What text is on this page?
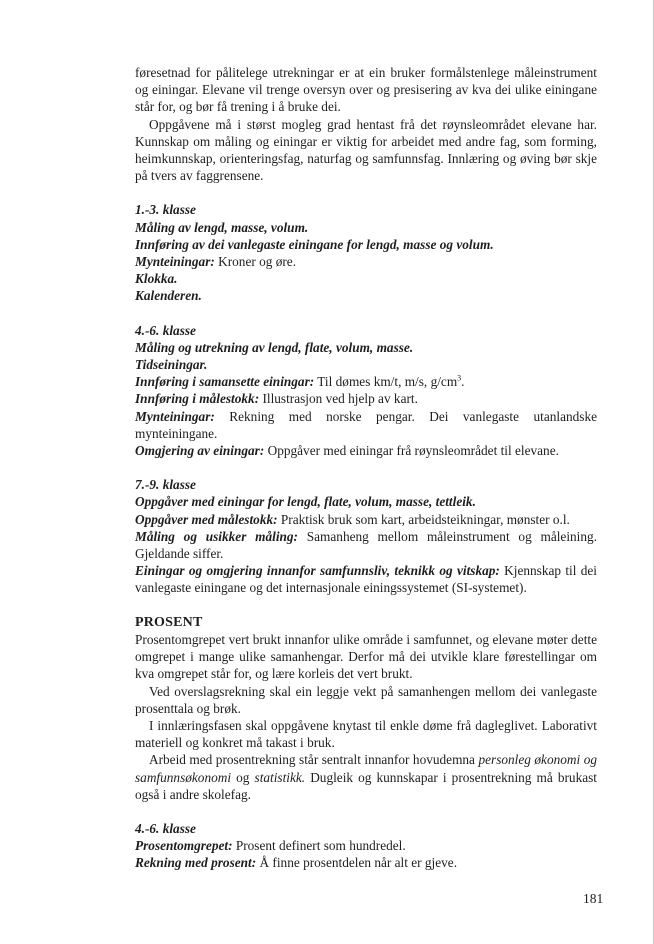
føresetnad for pålitelege utrekningar er at ein bruker formålstenlege måleinstrument og einingar. Elevane vil trenge oversyn over og presisering av kva dei ulike einingane står for, og bør få trening i å bruke dei.

Oppgåvene må i størst mogleg grad hentast frå det røynsleområdet elevane har. Kunnskap om måling og einingar er viktig for arbeidet med andre fag, som forming, heimkunnskap, orienteringsfag, naturfag og samfunnsfag. Innlæring og øving bør skje på tvers av faggrensene.

1.-3. klasse

Måling av lengd, masse, volum.

Innføring av dei vanlegaste einingane for lengd, masse og volum.

Mynteiningar: Kroner og øre.

Klokka.

Kalenderen.

4.-6. klasse

Måling og utrekning av lengd, flate, volum, masse.

Tidseiningar.

Innføring i samansette einingar: Til dømes km/t, m/s, $g/cm^3$.

Innføring i målestokk: Illustrasjon ved hjelp av kart.

Mynteiningar: Rekning med norske pengar. Dei vanlegaste utanlandske mynteiningane.

Omgjering av einingar: Oppgåver med einingar frå røynsleområdet til elevane.

7.-9. klasse

Oppgåver med einingar for lengd, flate, volum, masse, tettleik.

Oppgåver med målestokk: Praktisk bruk som kart, arbeidsteikningar, mønster o.l.

Måling og usikker måling: Samanheng mellom måleinstrument og måleining. Gjeldande siffer.

Einingar og omgjering innanfor samfunnsliv, teknikk og vitskap: Kjennskap til dei vanlegaste einingane og det internasjonale einingssystemet (SI-systemet).

PROSENT

Prosentomgrepet vert brukt innanfor ulike område i samfunnet, og elevane møter dette omgrepet i mange ulike samanhengar. Derfor må dei utvikle klare førestellingar om kva omgrepet står for, og lære korleis det vert brukt.

Ved overslagsrekning skal ein leggje vekt på samanhengen mellom dei vanlegaste prosenttala og brøk.

I innlæringsfasen skal oppgåvene knytast til enkle døme frå dagleglivet. Laborativt materiell og konkret må takast i bruk.

Arbeid med prosentrekning står sentralt innanfor hovudemna personleg økonomi og samfunnsøkonomi og statistikk. Dugleik og kunnskapar i prosentrekning må brukast også i andre skolefag.

4.-6. klasse

Prosentomgrepet: Prosent definert som hundredel.

Rekning med prosent: Å finne prosentdelen når alt er gjeve.

181
